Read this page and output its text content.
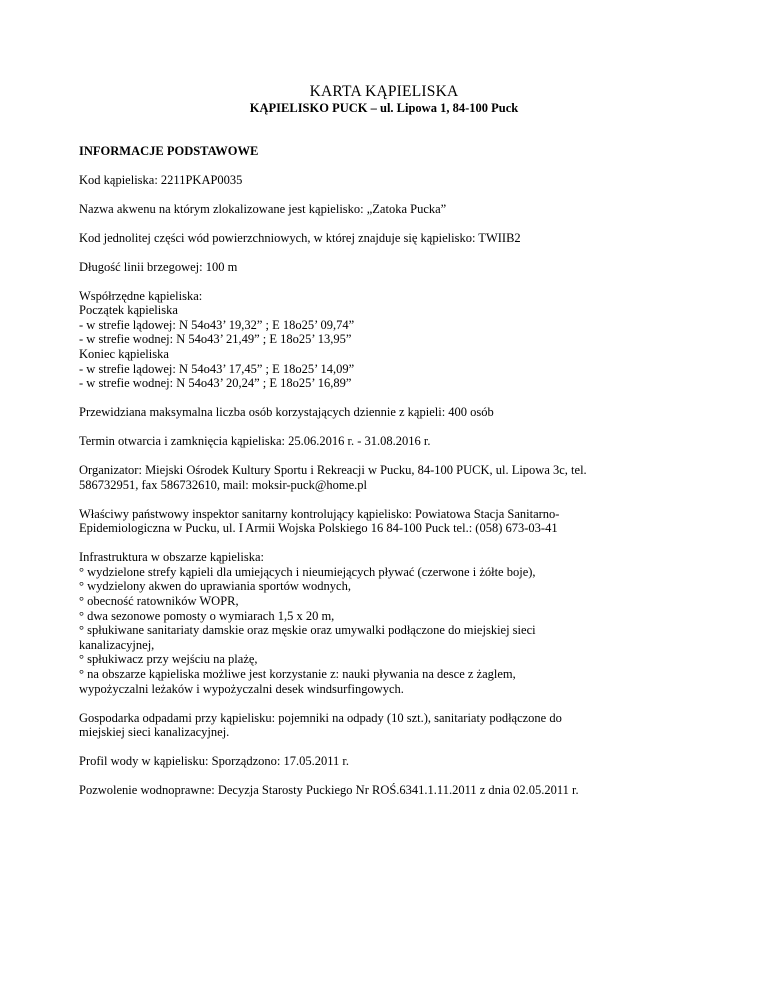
KARTA KĄPIELISKA
KĄPIELISKO PUCK – ul. Lipowa 1, 84-100 Puck
INFORMACJE PODSTAWOWE
Kod kąpieliska: 2211PKAP0035
Nazwa akwenu na którym zlokalizowane jest kąpielisko: „Zatoka Pucka”
Kod jednolitej części wód powierzchniowych, w której znajduje się kąpielisko: TWIIB2
Długość linii brzegowej: 100 m
Współrzędne kąpieliska:
Początek kąpieliska
- w strefie lądowej: N 54o43’ 19,32” ; E 18o25’ 09,74”
- w strefie wodnej: N 54o43’ 21,49” ; E 18o25’ 13,95”
Koniec kąpieliska
- w strefie lądowej: N 54o43’ 17,45” ; E 18o25’ 14,09”
- w strefie wodnej: N 54o43’ 20,24” ; E 18o25’ 16,89”
Przewidziana maksymalna liczba osób korzystających dziennie z kąpieli: 400 osób
Termin otwarcia i zamknięcia kąpieliska: 25.06.2016 r. - 31.08.2016 r.
Organizator: Miejski Ośrodek Kultury Sportu i Rekreacji w Pucku, 84-100 PUCK, ul. Lipowa 3c, tel.
586732951, fax 586732610, mail: moksir-puck@home.pl
Właściwy państwowy inspektor sanitarny kontrolujący kąpielisko: Powiatowa Stacja Sanitarno-
Epidemiologiczna w Pucku, ul. I Armii Wojska Polskiego 16 84-100 Puck tel.: (058) 673-03-41
Infrastruktura w obszarze kąpieliska:
° wydzielone strefy kąpieli dla umiejących i nieumiejących pływać (czerwone i żółte boje),
° wydzielony akwen do uprawiania sportów wodnych,
° obecność ratowników WOPR,
° dwa sezonowe pomosty o wymiarach 1,5 x 20 m,
° spłukiwane sanitariaty damskie oraz męskie oraz umywalki podłączone do miejskiej sieci
kanalizacyjnej,
° spłukiwacz przy wejściu na plażę,
° na obszarze kąpieliska możliwe jest korzystanie z: nauki pływania na desce z żaglem,
wypożyczalni leżaków i wypożyczalni desek windsurfingowych.
Gospodarka odpadami przy kąpielisku: pojemniki na odpady (10 szt.), sanitariaty podłączone do
miejskiej sieci kanalizacyjnej.
Profil wody w kąpielisku: Sporządzono: 17.05.2011 r.
Pozwolenie wodnoprawne: Decyzja Starosty Puckiego Nr ROŚ.6341.1.11.2011 z dnia 02.05.2011 r.
